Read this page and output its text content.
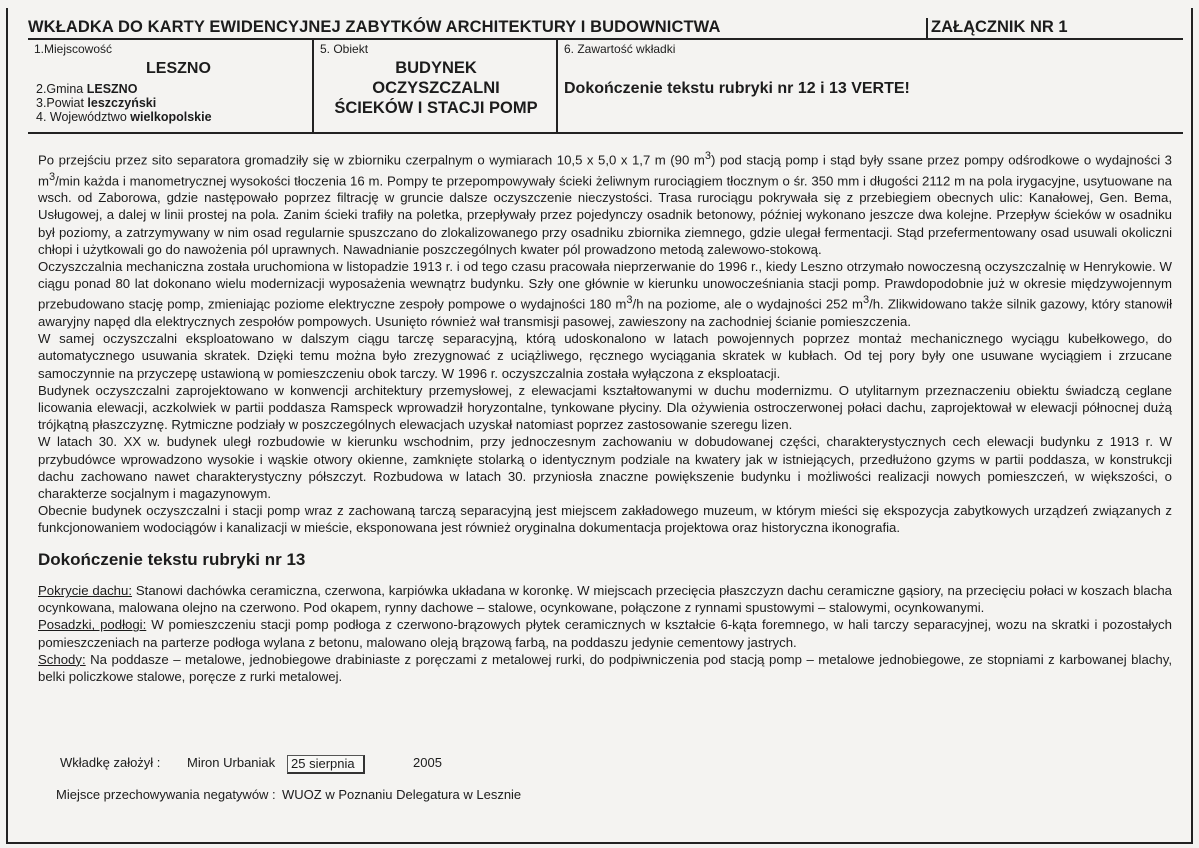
WKŁADKA DO KARTY EWIDENCYJNEJ ZABYTKÓW ARCHITEKTURY I BUDOWNICTWA	ZAŁĄCZNIK NR 1
1.Miejscowość
LESZNO
2.Gmina LESZNO
3.Powiat leszczyński
4. Województwo wielkopolskie
5. Obiekt
BUDYNEK
OCZYSZCZALNI
ŚCIEKÓW I STACJI POMP
6. Zawartość wkładki
Dokończenie tekstu rubryki nr 12 i 13 VERTE!

Po przejściu przez sito separatora gromadziły się w zbiorniku czerpalnym o wymiarach 10,5 x 5,0 x 1,7 m (90 $m^3$) pod stacją pomp i stąd były ssane przez pompy odśrodkowe o wydajności 3 $m^3/\min$ każda i manometrycznej wysokości tłoczenia 16 m. Pompy te przepompowywały ścieki żeliwnym rurociągiem tłocznym o śr. 350 mm i długości 2112 m na pola irygacyjne, usytuowane na wsch. od Zaborowa, gdzie następowało poprzez filtrację w gruncie dalsze oczyszczenie nieczystości. Trasa rurociągu pokrywała się z przebiegiem obecnych ulic: Kanałowej, Gen. Bema, Usługowej, a dalej w linii prostej na pola. Zanim ścieki trafiły na poletka, przepływały przez pojedynczy osadnik betonowy, później wykonano jeszcze dwa kolejne. Przepływ ścieków w osadniku był poziomy, a zatrzymywany w nim osad regularnie spuszczano do zlokalizowanego przy osadniku zbiornika ziemnego, gdzie ulegał fermentacji. Stąd przefermentowany osad usuwali okoliczni chłopi i użytkowali go do nawożenia pól uprawnych. Nawadnianie poszczególnych kwater pól prowadzono metodą zalewowo-stokową.

Oczyszczalnia mechaniczna została uruchomiona w listopadzie 1913 r. i od tego czasu pracowała nieprzerwanie do 1996 r., kiedy Leszno otrzymało nowoczesną oczyszczalnię w Henrykowie. W ciągu ponad 80 lat dokonano wielu modernizacji wyposażenia wewnątrz budynku. Szły one głównie w kierunku unowocześniania stacji pomp. Prawdopodobnie już w okresie międzywojennym przebudowano stację pomp, zmieniając poziome elektryczne zespoły pompowe o wydajności 180 $m^3/h$ na poziome, ale o wydajności 252 $m^3/h$. Zlikwidowano także silnik gazowy, który stanowił awaryjny napęd dla elektrycznych zespołów pompowych. Usunięto również wał transmisji pasowej, zawieszony na zachodniej ścianie pomieszczenia.

W samej oczyszczalni eksploatowano w dalszym ciągu tarczę separacyjną, którą udoskonalono w latach powojennych poprzez montaż mechanicznego wyciągu kubełkowego, do automatycznego usuwania skratek. Dzięki temu można było zrezygnować z uciążliwego, ręcznego wyciągania skratek w kubłach. Od tej pory były one usuwane wyciągiem i zrzucane samoczynnie na przyczepę ustawioną w pomieszczeniu obok tarczy. W 1996 r. oczyszczalnia została wyłączona z eksploatacji.

Budynek oczyszczalni zaprojektowano w konwencji architektury przemysłowej, z elewacjami kształtowanymi w duchu modernizmu. O utylitarnym przeznaczeniu obiektu świadczą ceglane licowania elewacji, aczkolwiek w partii poddasza Ramspeck wprowadził horyzontalne, tynkowane płyciny. Dla ożywienia ostroczerwonej połaci dachu, zaprojektował w elewacji północnej dużą trójkątną płaszczyznę. Rytmiczne podziały w poszczególnych elewacjach uzyskał natomiast poprzez zastosowanie szeregu lizen.

W latach 30. XX w. budynek uległ rozbudowie w kierunku wschodnim, przy jednoczesnym zachowaniu w dobudowanej części, charakterystycznych cech elewacji budynku z 1913 r. W przybudówce wprowadzono wysokie i wąskie otwory okienne, zamknięte stolarką o identycznym podziale na kwatery jak w istniejących, przedłużono gzyms w partii poddasza, w konstrukcji dachu zachowano nawet charakterystyczny półszczyt. Rozbudowa w latach 30. przyniosła znaczne powiększenie budynku i możliwości realizacji nowych pomieszczeń, w większości, o charakterze socjalnym i magazynowym.

Obecnie budynek oczyszczalni i stacji pomp wraz z zachowaną tarczą separacyjną jest miejscem zakładowego muzeum, w którym mieści się ekspozycja zabytkowych urządzeń związanych z funkcjonowaniem wodociągów i kanalizacji w mieście, eksponowana jest również oryginalna dokumentacja projektowa oraz historyczna ikonografia.

Dokończenie tekstu rubryki nr 13

Pokrycie dachu: Stanowi dachówka ceramiczna, czerwona, karpiówka układana w koronkę. W miejscach przecięcia płaszczyzn dachu ceramiczne gąsiory, na przecięciu połaci w koszach blacha ocynkowana, malowana olejno na czerwono. Pod okapem, rynny dachowe – stalowe, ocynkowane, połączone z rynnami spustowymi – stalowymi, ocynkowanymi.

Posadzki, podłogi: W pomieszczeniu stacji pomp podłoga z czerwono-brązowych płytek ceramicznych w kształcie 6-kąta foremnego, w hali tarczy separacyjnej, wozu na skratki i pozostałych pomieszczeniach na parterze podłoga wylana z betonu, malowano oleją brązową farbą, na poddaszu jedynie cementowy jastrych.

Schody: Na poddasze – metalowe, jednobiegowe drabiniaste z poręczami z metalowej rurki, do podpiwniczenia pod stacją pomp – metalowe jednobiegowe, ze stopniami z karbowanej blachy, belki policzkowe stalowe, poręcze z rurki metalowej.

Wkładkę założył : Miron Urbaniak	25 sierpnia	2005
Miejsce przechowywania negatywów : WUOZ w Poznaniu Delegatura w Lesznie
